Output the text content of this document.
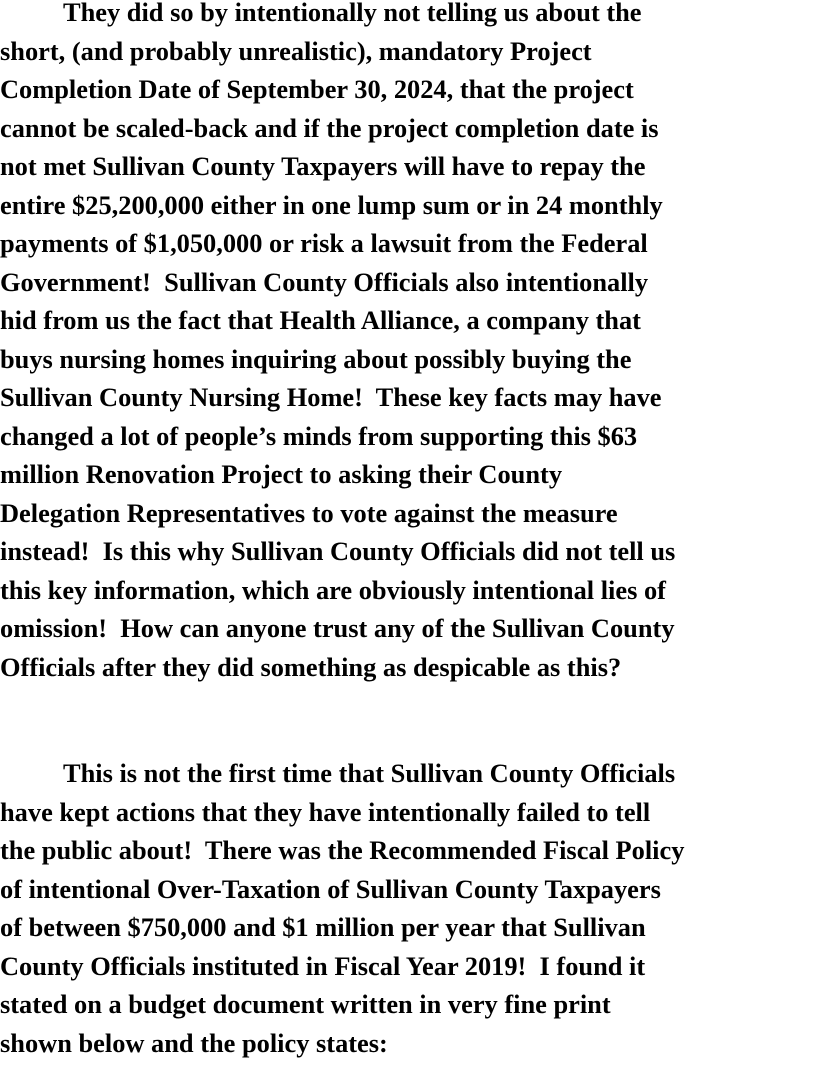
They did so by intentionally not telling us about the
short, (and probably unrealistic), mandatory Project
Completion Date of September 30, 2024, that the project
cannot be scaled-back and if the project completion date is
not met Sullivan County Taxpayers will have to repay the
entire $25,200,000 either in one lump sum or in 24 monthly
payments of $1,050,000 or risk a lawsuit from the Federal
Government!  Sullivan County Officials also intentionally
hid from us the fact that Health Alliance, a company that
buys nursing homes inquiring about possibly buying the
Sullivan County Nursing Home!  These key facts may have
changed a lot of people’s minds from supporting this $63
million Renovation Project to asking their County
Delegation Representatives to vote against the measure
instead!  Is this why Sullivan County Officials did not tell us
this key information, which are obviously intentional lies of
omission!  How can anyone trust any of the Sullivan County
Officials after they did something as despicable as this?
This is not the first time that Sullivan County Officials
have kept actions that they have intentionally failed to tell
the public about!  There was the Recommended Fiscal Policy
of intentional Over-Taxation of Sullivan County Taxpayers
of between $750,000 and $1 million per year that Sullivan
County Officials instituted in Fiscal Year 2019!  I found it
stated on a budget document written in very fine print
shown below and the policy states:
